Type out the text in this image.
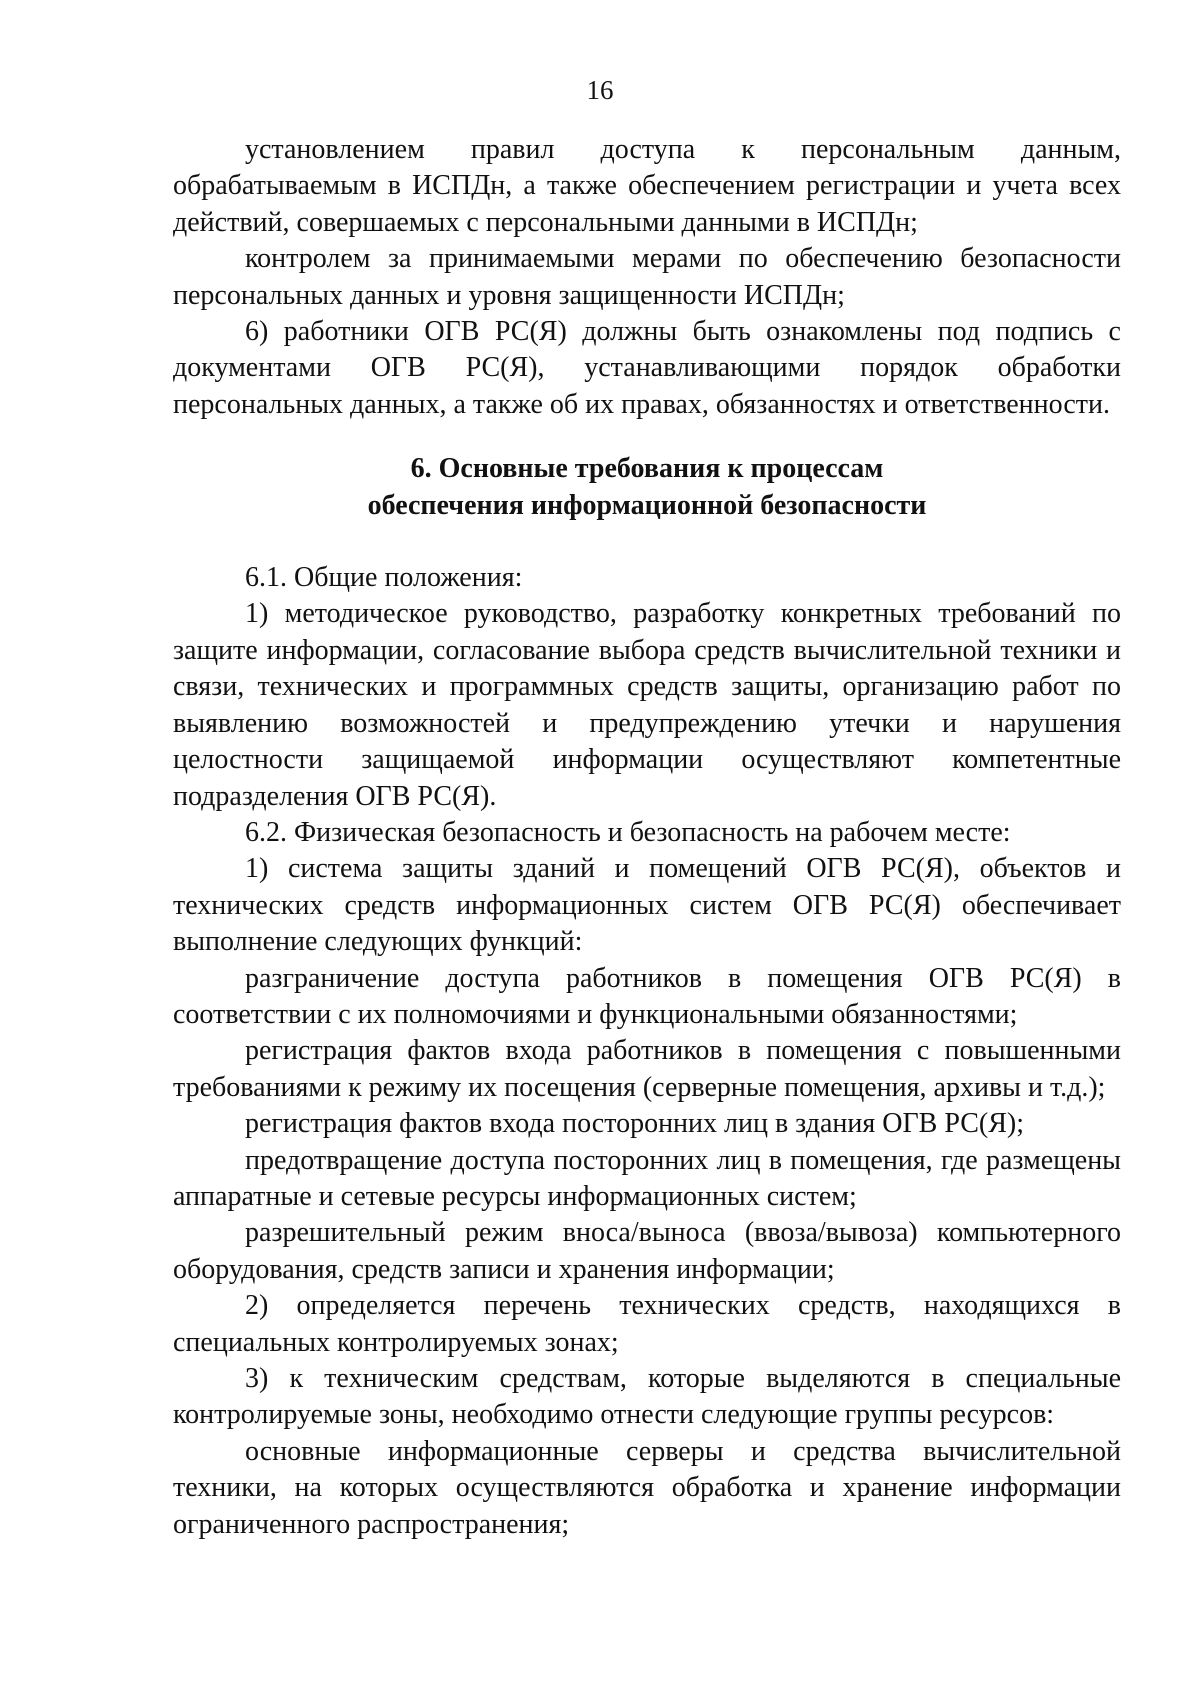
16

установлением правил доступа к персональным данным, обрабатываемым в ИСПДн, а также обеспечением регистрации и учета всех действий, совершаемых с персональными данными в ИСПДн;

контролем за принимаемыми мерами по обеспечению безопасности персональных данных и уровня защищенности ИСПДн;

6) работники ОГВ РС(Я) должны быть ознакомлены под подпись с документами ОГВ РС(Я), устанавливающими порядок обработки персональных данных, а также об их правах, обязанностях и ответственности.

6. Основные требования к процессам
обеспечения информационной безопасности

6.1. Общие положения:

1) методическое руководство, разработку конкретных требований по защите информации, согласование выбора средств вычислительной техники и связи, технических и программных средств защиты, организацию работ по выявлению возможностей и предупреждению утечки и нарушения целостности защищаемой информации осуществляют компетентные подразделения ОГВ РС(Я).

6.2. Физическая безопасность и безопасность на рабочем месте:

1) система защиты зданий и помещений ОГВ РС(Я), объектов и технических средств информационных систем ОГВ РС(Я) обеспечивает выполнение следующих функций:

разграничение доступа работников в помещения ОГВ РС(Я) в соответствии с их полномочиями и функциональными обязанностями;

регистрация фактов входа работников в помещения с повышенными требованиями к режиму их посещения (серверные помещения, архивы и т.д.);

регистрация фактов входа посторонних лиц в здания ОГВ РС(Я);

предотвращение доступа посторонних лиц в помещения, где размещены аппаратные и сетевые ресурсы информационных систем;

разрешительный режим вноса/выноса (ввоза/вывоза) компьютерного оборудования, средств записи и хранения информации;

2) определяется перечень технических средств, находящихся в специальных контролируемых зонах;

3) к техническим средствам, которые выделяются в специальные контролируемые зоны, необходимо отнести следующие группы ресурсов:

основные информационные серверы и средства вычислительной техники, на которых осуществляются обработка и хранение информации ограниченного распространения;
